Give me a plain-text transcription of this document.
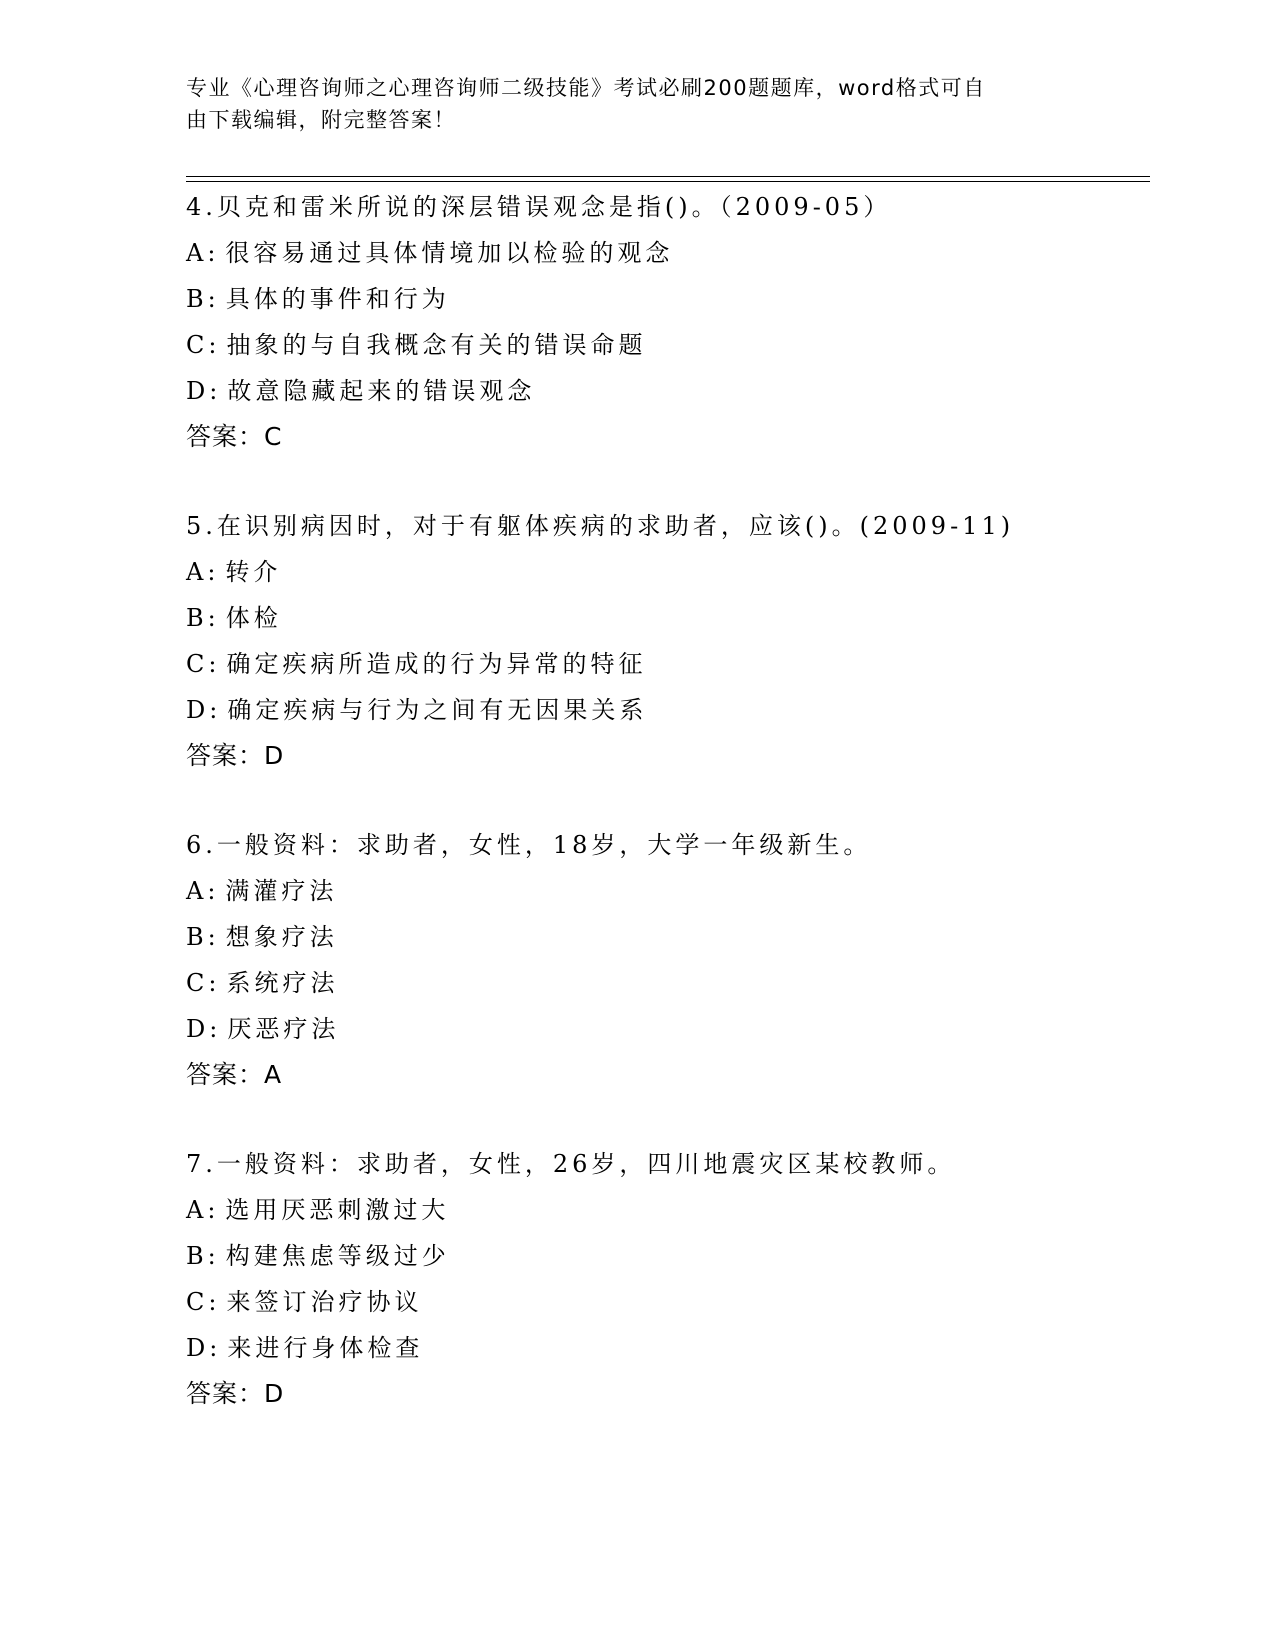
专业《心理咨询师之心理咨询师二级技能》考试必刷200题题库，word格式可自
由下载编辑，附完整答案！
4.贝克和雷米所说的深层错误观念是指()。（2009-05）
A: 很容易通过具体情境加以检验的观念
B: 具体的事件和行为
C: 抽象的与自我概念有关的错误命题
D: 故意隐藏起来的错误观念
答案：C
5.在识别病因时，对于有躯体疾病的求助者，应该()。(2009-11)
A: 转介
B: 体检
C: 确定疾病所造成的行为异常的特征
D: 确定疾病与行为之间有无因果关系
答案：D
6.一般资料：求助者，女性，18岁，大学一年级新生。
A: 满灌疗法
B: 想象疗法
C: 系统疗法
D: 厌恶疗法
答案：A
7.一般资料：求助者，女性，26岁，四川地震灾区某校教师。
A: 选用厌恶刺激过大
B: 构建焦虑等级过少
C: 来签订治疗协议
D: 来进行身体检查
答案：D
